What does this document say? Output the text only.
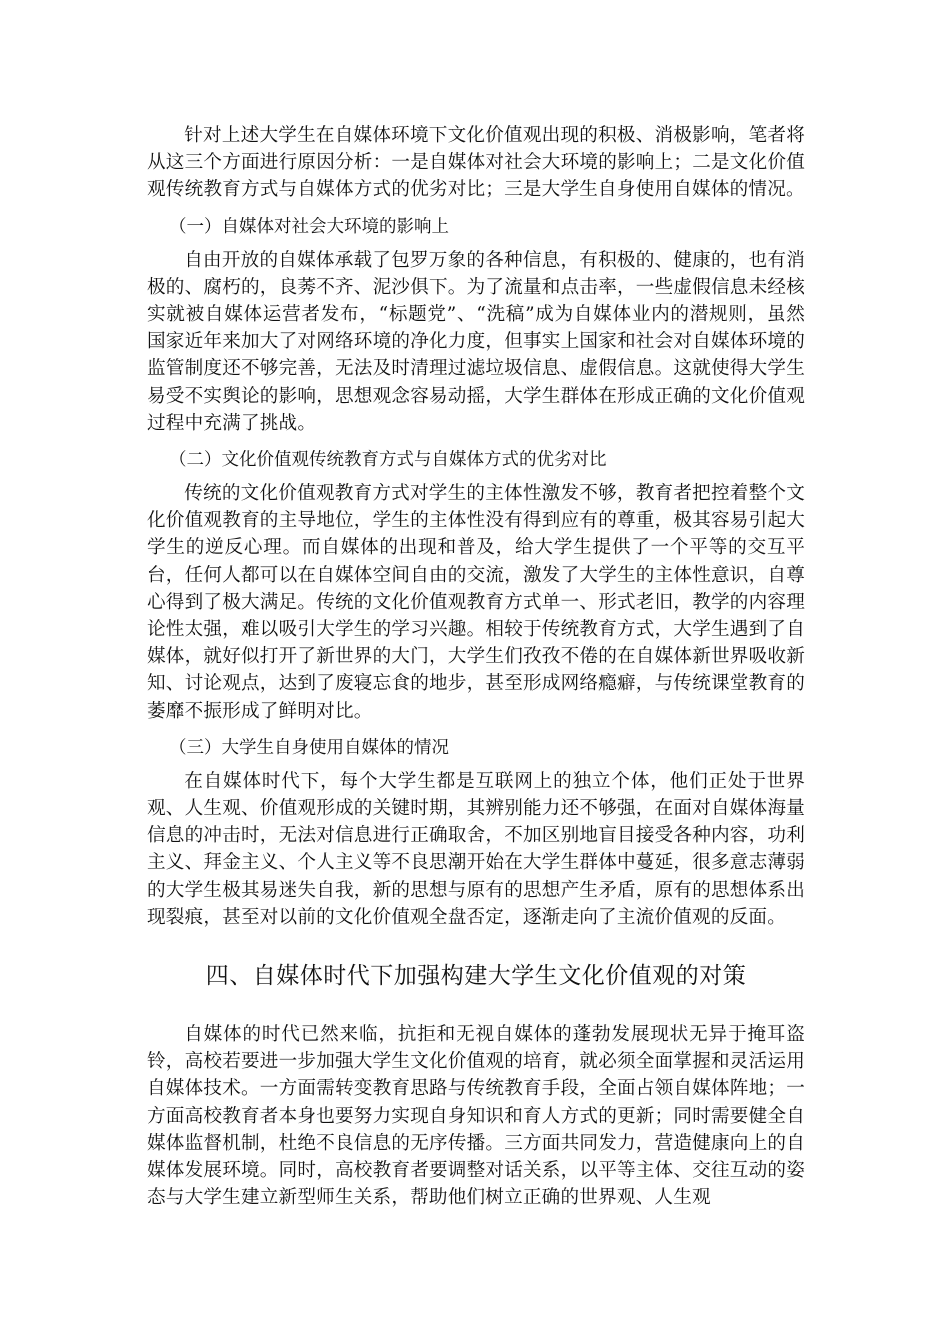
针对上述大学生在自媒体环境下文化价值观出现的积极、消极影响，笔者将从这三个方面进行原因分析：一是自媒体对社会大环境的影响上；二是文化价值观传统教育方式与自媒体方式的优劣对比；三是大学生自身使用自媒体的情况。

（一）自媒体对社会大环境的影响上

自由开放的自媒体承载了包罗万象的各种信息，有积极的、健康的，也有消极的、腐朽的，良莠不齐、泥沙俱下。为了流量和点击率，一些虚假信息未经核实就被自媒体运营者发布，“标题党”、“洗稿”成为自媒体业内的潜规则，虽然国家近年来加大了对网络环境的净化力度，但事实上国家和社会对自媒体环境的监管制度还不够完善，无法及时清理过滤垃圾信息、虚假信息。这就使得大学生易受不实舆论的影响，思想观念容易动摇，大学生群体在形成正确的文化价值观过程中充满了挑战。

（二）文化价值观传统教育方式与自媒体方式的优劣对比

传统的文化价值观教育方式对学生的主体性激发不够，教育者把控着整个文化价值观教育的主导地位，学生的主体性没有得到应有的尊重，极其容易引起大学生的逆反心理。而自媒体的出现和普及，给大学生提供了一个平等的交互平台，任何人都可以在自媒体空间自由的交流，激发了大学生的主体性意识，自尊心得到了极大满足。传统的文化价值观教育方式单一、形式老旧，教学的内容理论性太强，难以吸引大学生的学习兴趣。相较于传统教育方式，大学生遇到了自媒体，就好似打开了新世界的大门，大学生们孜孜不倦的在自媒体新世界吸收新知、讨论观点，达到了废寝忘食的地步，甚至形成网络瘾癖，与传统课堂教育的萎靡不振形成了鲜明对比。

（三）大学生自身使用自媒体的情况

在自媒体时代下，每个大学生都是互联网上的独立个体，他们正处于世界观、人生观、价值观形成的关键时期，其辨别能力还不够强，在面对自媒体海量信息的冲击时，无法对信息进行正确取舍，不加区别地盲目接受各种内容，功利主义、拜金主义、个人主义等不良思潮开始在大学生群体中蔓延，很多意志薄弱的大学生极其易迷失自我，新的思想与原有的思想产生矛盾，原有的思想体系出现裂痕，甚至对以前的文化价值观全盘否定，逐渐走向了主流价值观的反面。

四、自媒体时代下加强构建大学生文化价值观的对策

自媒体的时代已然来临，抗拒和无视自媒体的蓬勃发展现状无异于掩耳盗铃，高校若要进一步加强大学生文化价值观的培育，就必须全面掌握和灵活运用自媒体技术。一方面需转变教育思路与传统教育手段，全面占领自媒体阵地；一方面高校教育者本身也要努力实现自身知识和育人方式的更新；同时需要健全自媒体监督机制，杜绝不良信息的无序传播。三方面共同发力，营造健康向上的自媒体发展环境。同时，高校教育者要调整对话关系，以平等主体、交往互动的姿态与大学生建立新型师生关系，帮助他们树立正确的世界观、人生观
